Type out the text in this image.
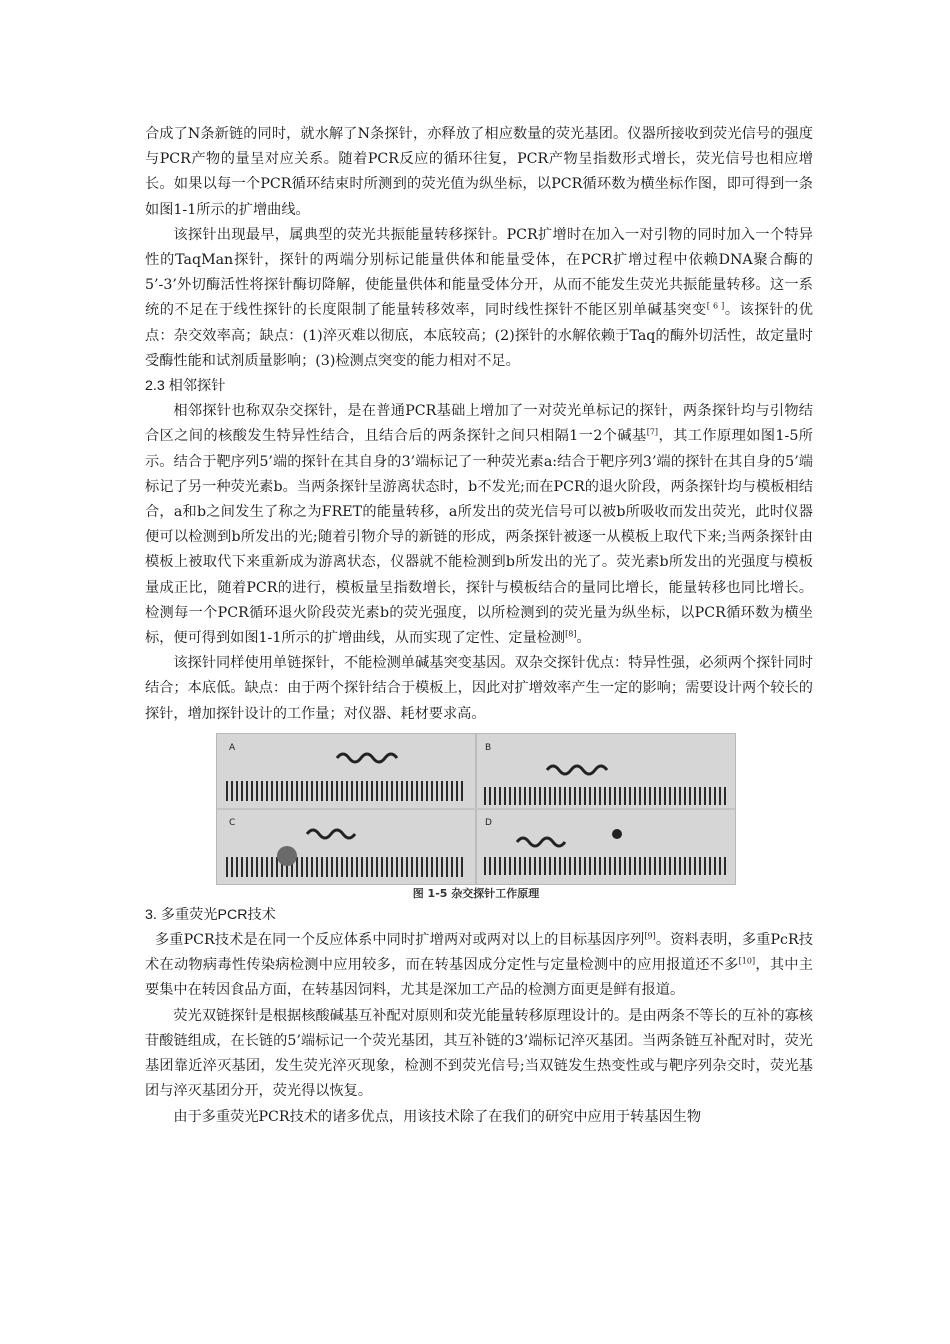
合成了N条新链的同时，就水解了N条探针，亦释放了相应数量的荧光基团。仪器所接收到荧光信号的强度与PCR产物的量呈对应关系。随着PCR反应的循环往复，PCR产物呈指数形式增长，荧光信号也相应增长。如果以每一个PCR循环结束时所测到的荧光值为纵坐标，以PCR循环数为横坐标作图，即可得到一条如图1-1所示的扩增曲线。

该探针出现最早，属典型的荧光共振能量转移探针。PCR扩增时在加入一对引物的同时加入一个特异性的TaqMan探针，探针的两端分别标记能量供体和能量受体，在PCR扩增过程中依赖DNA聚合酶的5’-3’外切酶活性将探针酶切降解，使能量供体和能量受体分开，从而不能发生荧光共振能量转移。这一系统的不足在于线性探针的长度限制了能量转移效率，同时线性探针不能区别单碱基突变[ 6 ]。该探针的优点：杂交效率高；缺点：(1)淬灭难以彻底，本底较高；(2)探针的水解依赖于Taq的酶外切活性，故定量时受酶性能和试剂质量影响；(3)检测点突变的能力相对不足。

2.3 相邻探针

相邻探针也称双杂交探针，是在普通PCR基础上增加了一对荧光单标记的探针，两条探针均与引物结合区之间的核酸发生特异性结合，且结合后的两条探针之间只相隔1一2个碱基[7]，其工作原理如图1-5所示。结合于靶序列5’端的探针在其自身的3’端标记了一种荧光素a:结合于靶序列3’端的探针在其自身的5’端标记了另一种荧光素b。当两条探针呈游离状态时，b不发光;而在PCR的退火阶段，两条探针均与模板相结合，a和b之间发生了称之为FRET的能量转移，a所发出的荧光信号可以被b所吸收而发出荧光，此时仪器便可以检测到b所发出的光;随着引物介导的新链的形成，两条探针被逐一从模板上取代下来;当两条探针由模板上被取代下来重新成为游离状态，仪器就不能检测到b所发出的光了。荧光素b所发出的光强度与模板量成正比，随着PCR的进行，模板量呈指数增长，探针与模板结合的量同比增长，能量转移也同比增长。检测每一个PCR循环退火阶段荧光素b的荧光强度，以所检测到的荧光量为纵坐标，以PCR循环数为横坐标，便可得到如图1-1所示的扩增曲线，从而实现了定性、定量检测[8]。

该探针同样使用单链探针，不能检测单碱基突变基因。双杂交探针优点：特异性强，必须两个探针同时结合；本底低。缺点：由于两个探针结合于模板上，因此对扩增效率产生一定的影响；需要设计两个较长的探针，增加探针设计的工作量；对仪器、耗材要求高。

A	B
C	D
图 1-5 杂交探针工作原理
3. 多重荧光PCR技术

多重PCR技术是在同一个反应体系中同时扩增两对或两对以上的目标基因序列[9]。资料表明，多重PcR技术在动物病毒性传染病检测中应用较多，而在转基因成分定性与定量检测中的应用报道还不多[10]，其中主要集中在转因食品方面，在转基因饲料，尤其是深加工产品的检测方面更是鲜有报道。

荧光双链探针是根据核酸碱基互补配对原则和荧光能量转移原理设计的。是由两条不等长的互补的寡核苷酸链组成，在长链的5’端标记一个荧光基团，其互补链的3’端标记淬灭基团。当两条链互补配对时，荧光基团靠近淬灭基团，发生荧光淬灭现象，检测不到荧光信号;当双链发生热变性或与靶序列杂交时，荧光基团与淬灭基团分开，荧光得以恢复。

由于多重荧光PCR技术的诸多优点，用该技术除了在我们的研究中应用于转基因生物
